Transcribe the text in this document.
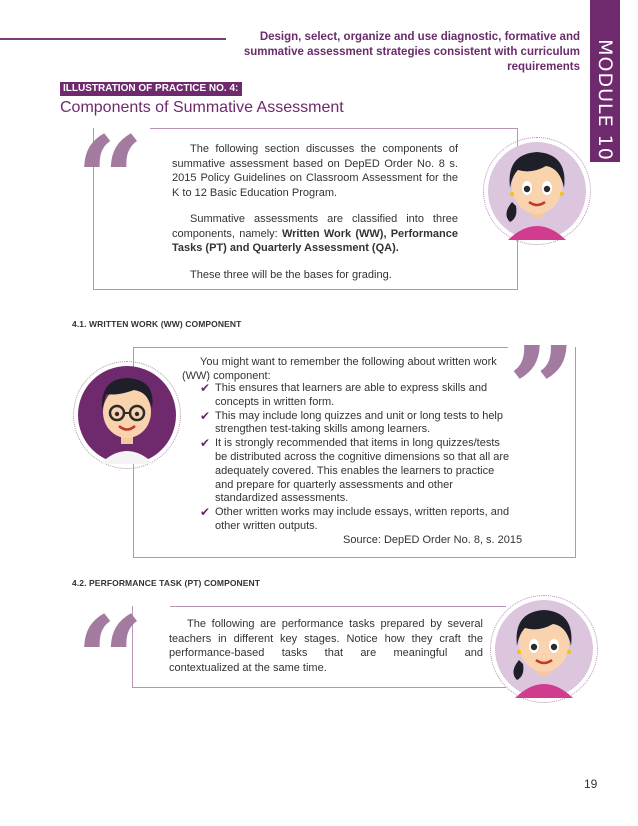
Design, select, organize and use diagnostic, formative and summative assessment strategies consistent with curriculum requirements MODULE 10
ILLUSTRATION OF PRACTICE NO. 4:
Components of Summative Assessment
“	The following section discusses the components of summative assessment based on DepED Order No. 8 s. 2015 Policy Guidelines on Classroom Assessment for the K to 12 Basic Education Program.

Summative assessments are classified into three components, namely: Written Work (WW), Performance Tasks (PT) and Quarterly Assessment (QA).

These three will be the bases for grading.

4.1. WRITTEN WORK (WW) COMPONENT ”
You might want to remember the following about written work (WW) component:
✔ This ensures that learners are able to express skills and concepts in written form.
✔ This may include long quizzes and unit or long tests to help strengthen test-taking skills among learners.
✔ It is strongly recommended that items in long quizzes/tests be distributed across the cognitive dimensions so that all are adequately covered. This enables the learners to practice and prepare for quarterly assessments and other standardized assessments.
✔ Other written works may include essays, written reports, and other written outputs.
Source: DepED Order No. 8, s. 2015
4.2. PERFORMANCE TASK (PT) COMPONENT
“	The following are performance tasks prepared by several teachers in different key stages. Notice how they craft the performance-based tasks that are meaningful and contextualized at the same time.

19
